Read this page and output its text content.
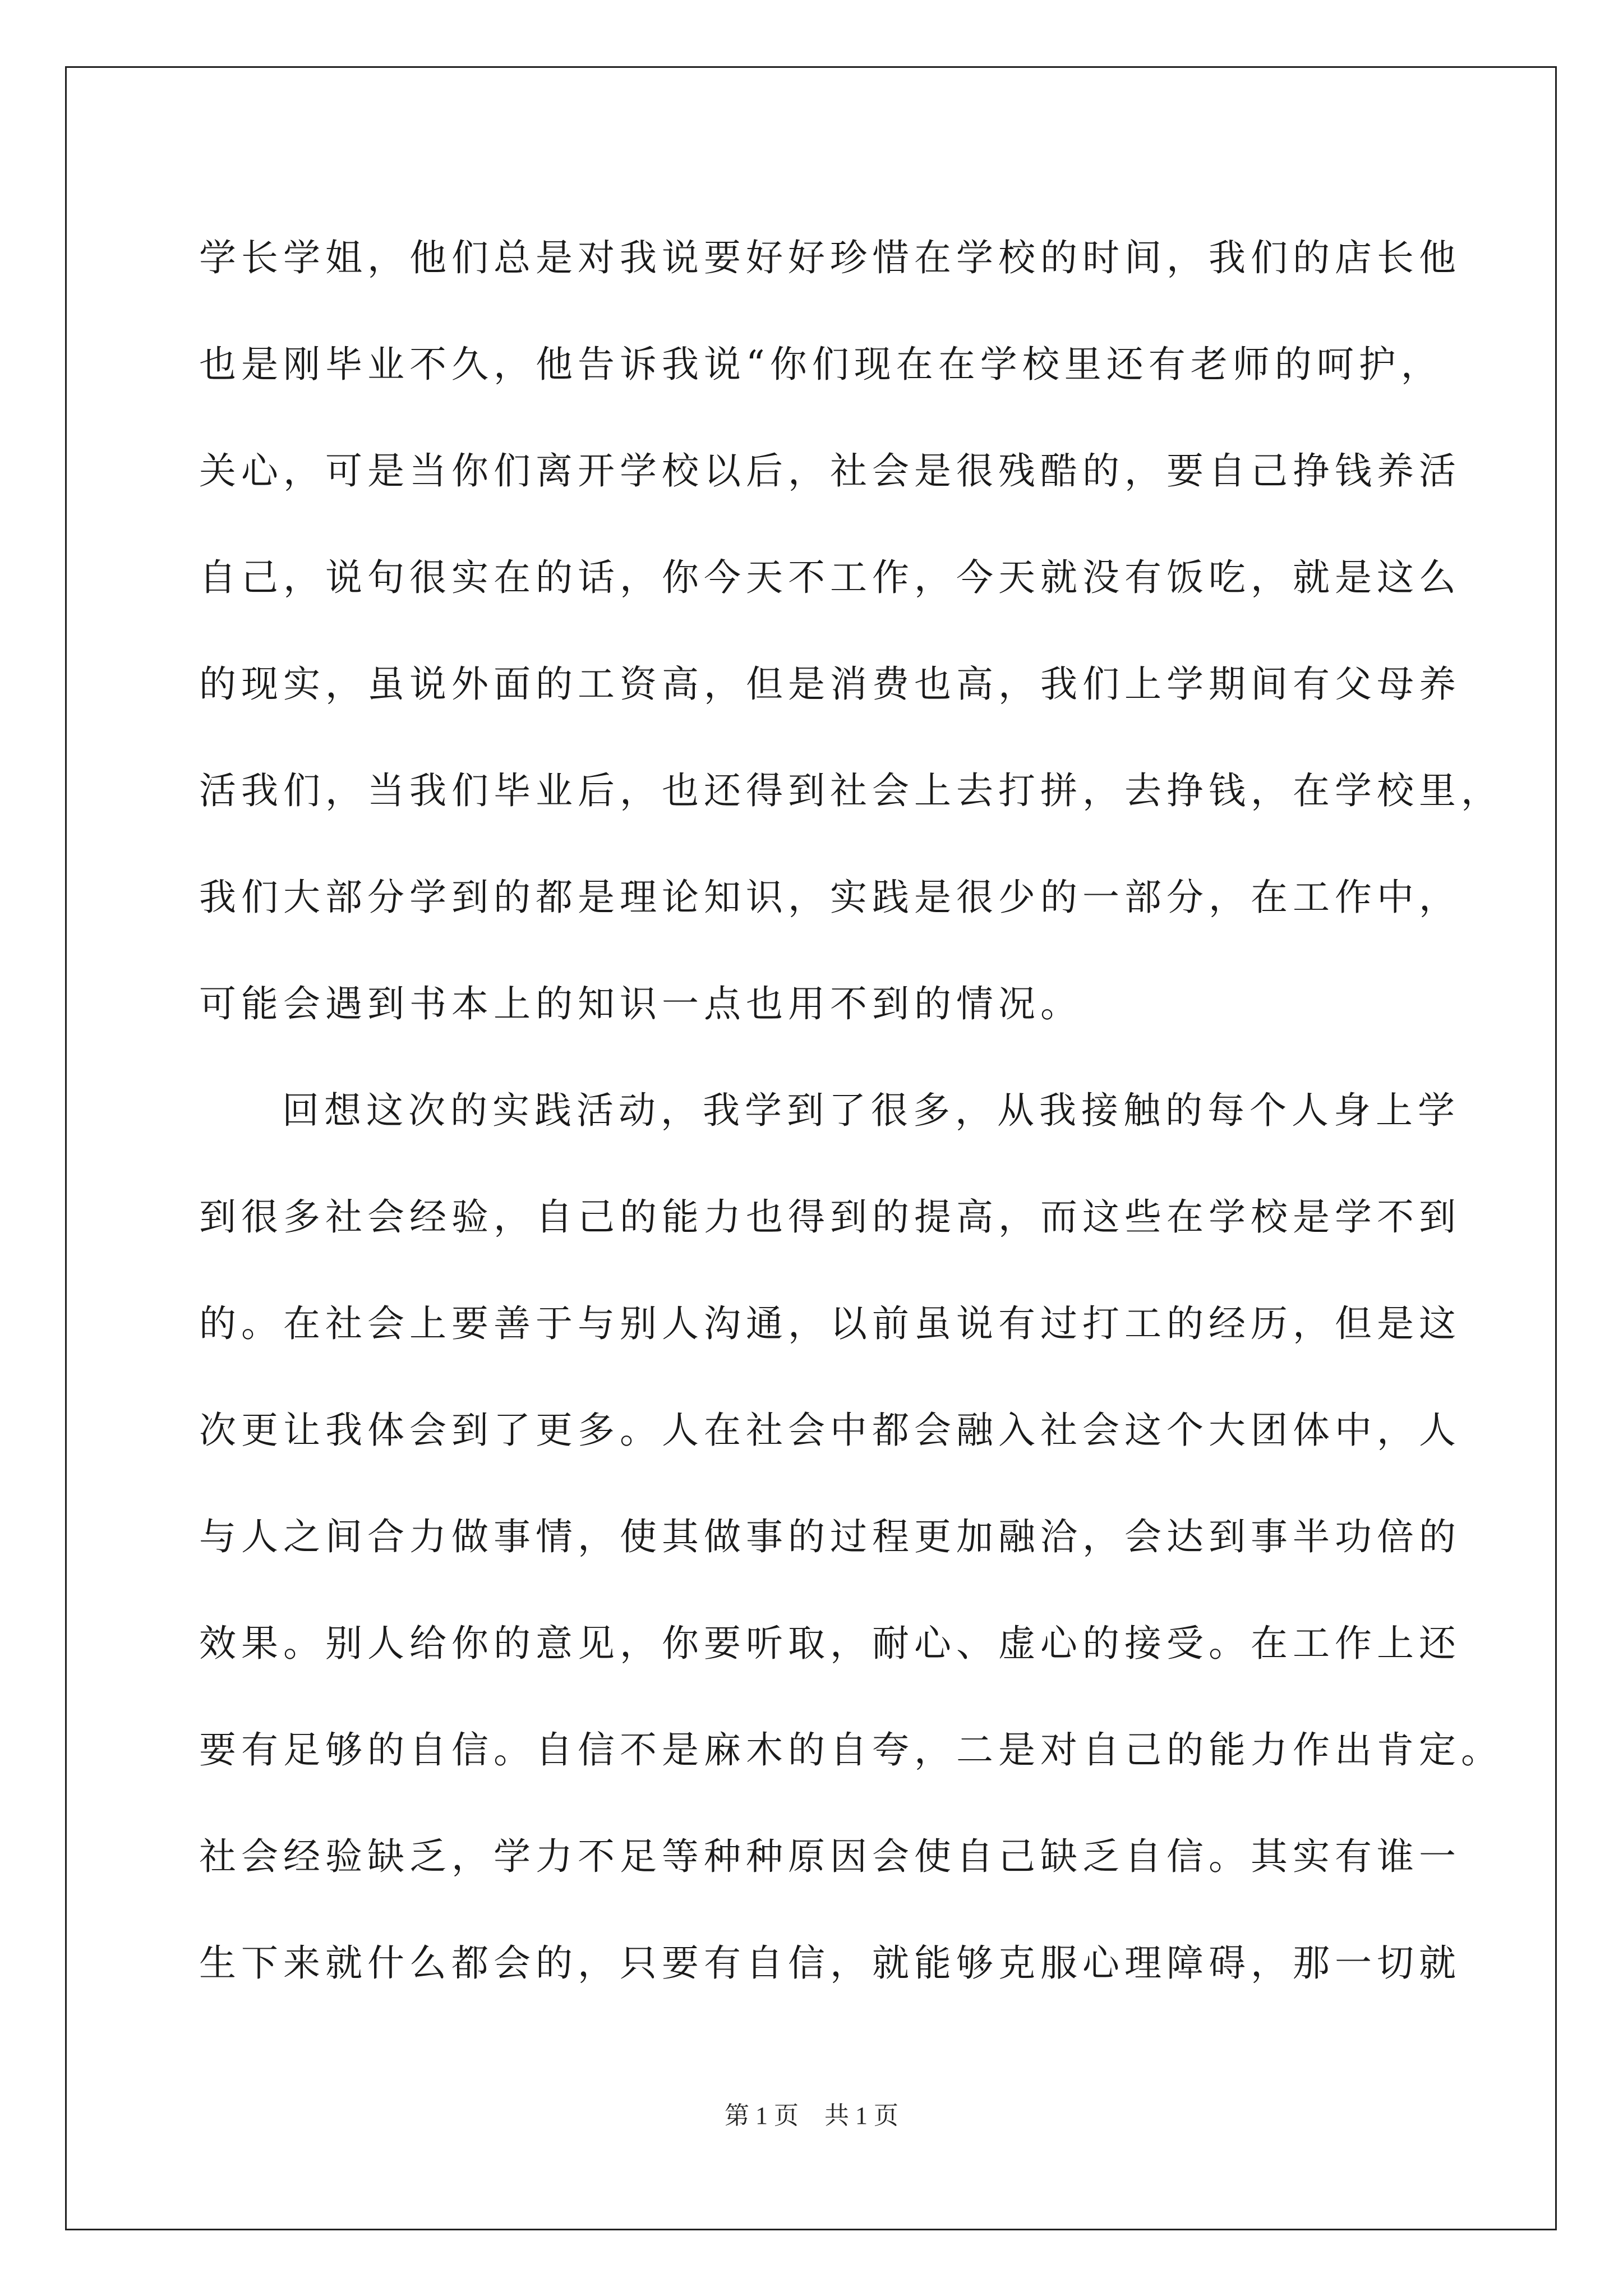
学长学姐，他们总是对我说要好好珍惜在学校的时间，我们的店长他
也是刚毕业不久，他告诉我说“你们现在在学校里还有老师的呵护，
关心，可是当你们离开学校以后，社会是很残酷的，要自己挣钱养活
自己，说句很实在的话，你今天不工作，今天就没有饭吃，就是这么
的现实，虽说外面的工资高，但是消费也高，我们上学期间有父母养
活我们，当我们毕业后，也还得到社会上去打拼，去挣钱，在学校里，
我们大部分学到的都是理论知识，实践是很少的一部分，在工作中，
可能会遇到书本上的知识一点也用不到的情况。
回想这次的实践活动，我学到了很多，从我接触的每个人身上学
到很多社会经验，自己的能力也得到的提高，而这些在学校是学不到
的。在社会上要善于与别人沟通，以前虽说有过打工的经历，但是这
次更让我体会到了更多。人在社会中都会融入社会这个大团体中，人
与人之间合力做事情，使其做事的过程更加融洽，会达到事半功倍的
效果。别人给你的意见，你要听取，耐心、虚心的接受。在工作上还
要有足够的自信。自信不是麻木的自夸，二是对自己的能力作出肯定。
社会经验缺乏，学力不足等种种原因会使自己缺乏自信。其实有谁一
生下来就什么都会的，只要有自信，就能够克服心理障碍，那一切就
第 1 页 共 1 页
